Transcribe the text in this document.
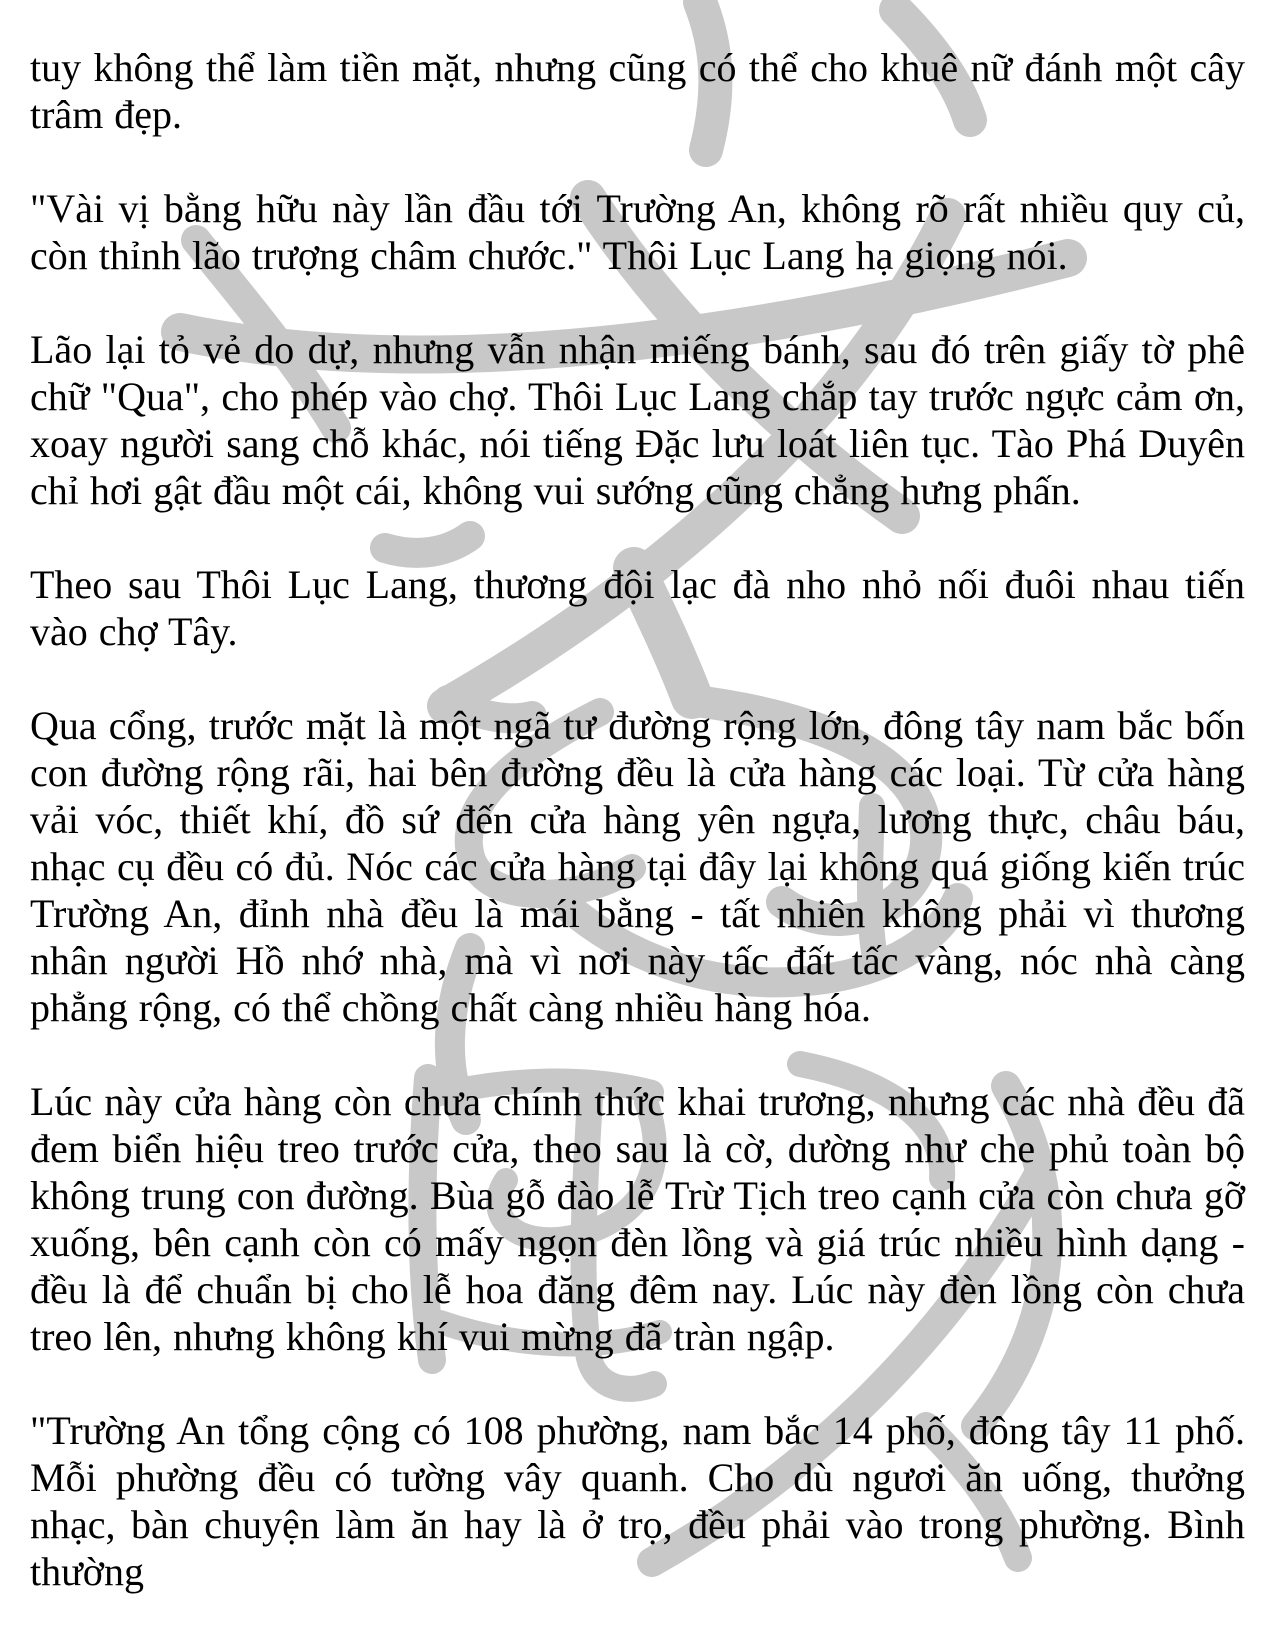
tuy không thể làm tiền mặt, nhưng cũng có thể cho khuê nữ đánh một cây trâm đẹp.

"Vài vị bằng hữu này lần đầu tới Trường An, không rõ rất nhiều quy củ, còn thỉnh lão trượng châm chước." Thôi Lục Lang hạ giọng nói.

Lão lại tỏ vẻ do dự, nhưng vẫn nhận miếng bánh, sau đó trên giấy tờ phê chữ "Qua", cho phép vào chợ. Thôi Lục Lang chắp tay trước ngực cảm ơn, xoay người sang chỗ khác, nói tiếng Đặc lưu loát liên tục. Tào Phá Duyên chỉ hơi gật đầu một cái, không vui sướng cũng chẳng hưng phấn.

Theo sau Thôi Lục Lang, thương đội lạc đà nho nhỏ nối đuôi nhau tiến vào chợ Tây.

Qua cổng, trước mặt là một ngã tư đường rộng lớn, đông tây nam bắc bốn con đường rộng rãi, hai bên đường đều là cửa hàng các loại. Từ cửa hàng vải vóc, thiết khí, đồ sứ đến cửa hàng yên ngựa, lương thực, châu báu, nhạc cụ đều có đủ. Nóc các cửa hàng tại đây lại không quá giống kiến trúc Trường An, đỉnh nhà đều là mái bằng - tất nhiên không phải vì thương nhân người Hồ nhớ nhà, mà vì nơi này tấc đất tấc vàng, nóc nhà càng phẳng rộng, có thể chồng chất càng nhiều hàng hóa.

Lúc này cửa hàng còn chưa chính thức khai trương, nhưng các nhà đều đã đem biển hiệu treo trước cửa, theo sau là cờ, dường như che phủ toàn bộ không trung con đường. Bùa gỗ đào lễ Trừ Tịch treo cạnh cửa còn chưa gỡ xuống, bên cạnh còn có mấy ngọn đèn lồng và giá trúc nhiều hình dạng - đều là để chuẩn bị cho lễ hoa đăng đêm nay. Lúc này đèn lồng còn chưa treo lên, nhưng không khí vui mừng đã tràn ngập.

"Trường An tổng cộng có 108 phường, nam bắc 14 phố, đông tây 11 phố. Mỗi phường đều có tường vây quanh. Cho dù ngươi ăn uống, thưởng nhạc, bàn chuyện làm ăn hay là ở trọ, đều phải vào trong phường. Bình thường
